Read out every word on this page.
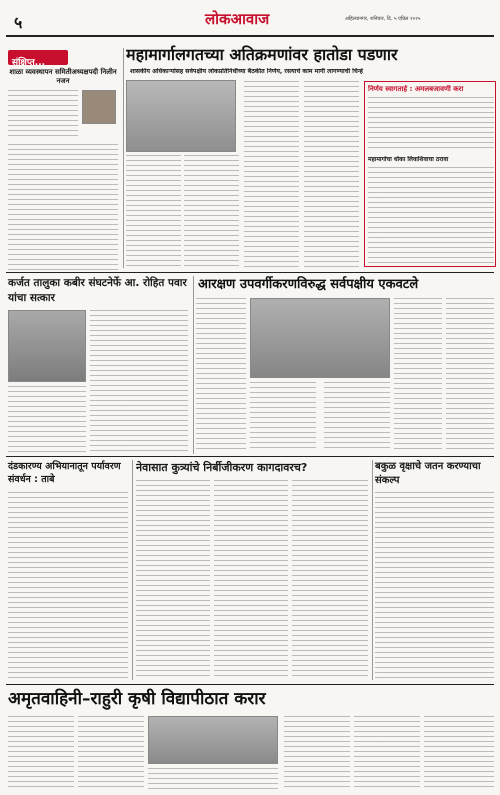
५	लोकआवाज	अहिल्यानगर, शनिवार, दि. ५ एप्रिल २०२५
संक्षिप्त...
शाळा व्यवस्थापन समितीअध्यक्षपदी निलीन नजन
महामार्गालगतच्या अतिक्रमणांवर हातोडा पडणार
शासकीय अधिकाऱ्यांसह सर्वपक्षीय लोकप्रतिनिधींच्या बैठकीत निर्णय, रस्त्याचे काम मार्गी लागण्याची चिन्हे
निर्णय स्वागतार्ह : अमलबजावणी करा
महामार्गाचा धोका लिवाशिवाचा ठरावा
कर्जत तालुका कबीर संघटनेर्फे आ. रोहित पवार यांचा सत्कार
आरक्षण उपवर्गीकरणविरुद्ध सर्वपक्षीय एकवटले
दंडकारण्य अभियानातून पर्यावरण संवर्धन : ताबे
नेवासात कुत्र्यांचे निर्बीजीकरण कागदावरच?	बकुळ वृक्षाचे जतन करण्याचा संकल्प
अमृतवाहिनी–राहुरी कृषी विद्यापीठात करार
